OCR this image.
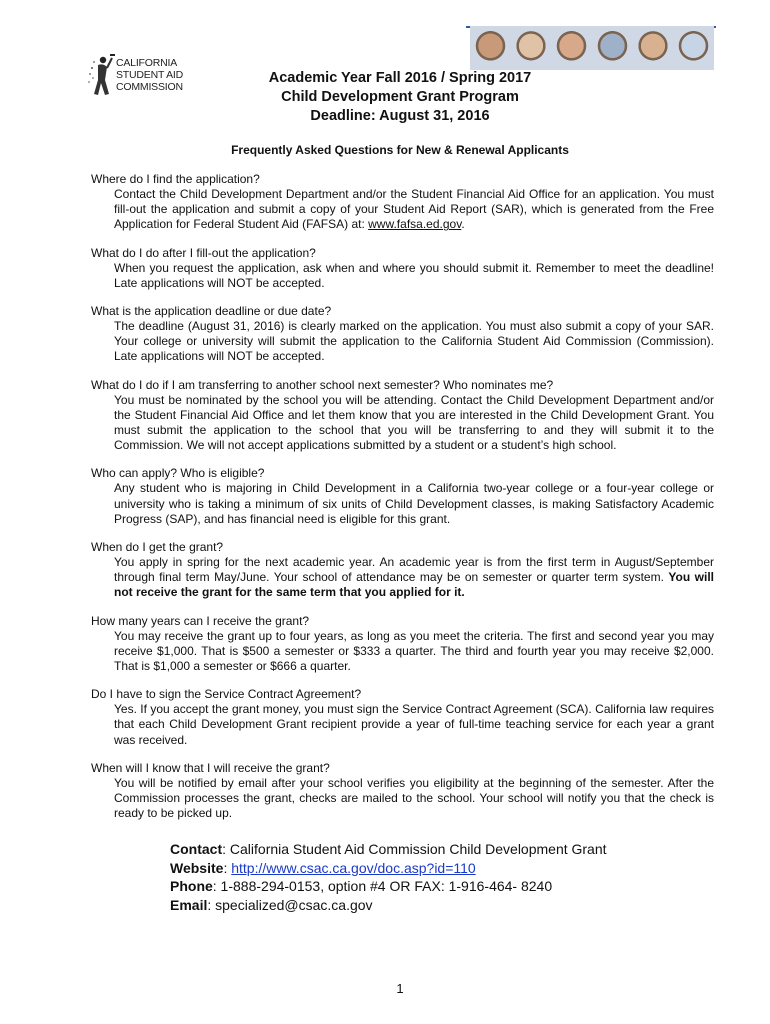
CALIFORNIA
STUDENT AID
COMMISSION
Academic Year Fall 2016 / Spring 2017
Child Development Grant Program
Deadline: August 31, 2016
Frequently Asked Questions for New & Renewal Applicants
Where do I find the application?
Contact the Child Development Department and/or the Student Financial Aid Office for an application. You must fill-out the application and submit a copy of your Student Aid Report (SAR), which is generated from the Free Application for Federal Student Aid (FAFSA) at: www.fafsa.ed.gov.
What do I do after I fill-out the application?
When you request the application, ask when and where you should submit it. Remember to meet the deadline! Late applications will NOT be accepted.
What is the application deadline or due date?
The deadline (August 31, 2016) is clearly marked on the application. You must also submit a copy of your SAR. Your college or university will submit the application to the California Student Aid Commission (Commission). Late applications will NOT be accepted.
What do I do if I am transferring to another school next semester? Who nominates me?
You must be nominated by the school you will be attending. Contact the Child Development Department and/or the Student Financial Aid Office and let them know that you are interested in the Child Development Grant. You must submit the application to the school that you will be transferring to and they will submit it to the Commission. We will not accept applications submitted by a student or a student’s high school.
Who can apply? Who is eligible?
Any student who is majoring in Child Development in a California two-year college or a four-year college or university who is taking a minimum of six units of Child Development classes, is making Satisfactory Academic Progress (SAP), and has financial need is eligible for this grant.
When do I get the grant?
You apply in spring for the next academic year. An academic year is from the first term in August/September through final term May/June. Your school of attendance may be on semester or quarter term system. You will not receive the grant for the same term that you applied for it.
How many years can I receive the grant?
You may receive the grant up to four years, as long as you meet the criteria. The first and second year you may receive $1,000. That is $500 a semester or $333 a quarter. The third and fourth year you may receive $2,000. That is $1,000 a semester or $666 a quarter.
Do I have to sign the Service Contract Agreement?
Yes. If you accept the grant money, you must sign the Service Contract Agreement (SCA). California law requires that each Child Development Grant recipient provide a year of full-time teaching service for each year a grant was received.
When will I know that I will receive the grant?
You will be notified by email after your school verifies you eligibility at the beginning of the semester. After the Commission processes the grant, checks are mailed to the school. Your school will notify you that the check is ready to be picked up.
Contact: California Student Aid Commission Child Development Grant
Website: http://www.csac.ca.gov/doc.asp?id=110
Phone: 1-888-294-0153, option #4 OR FAX: 1-916-464- 8240
Email: specialized@csac.ca.gov
1
